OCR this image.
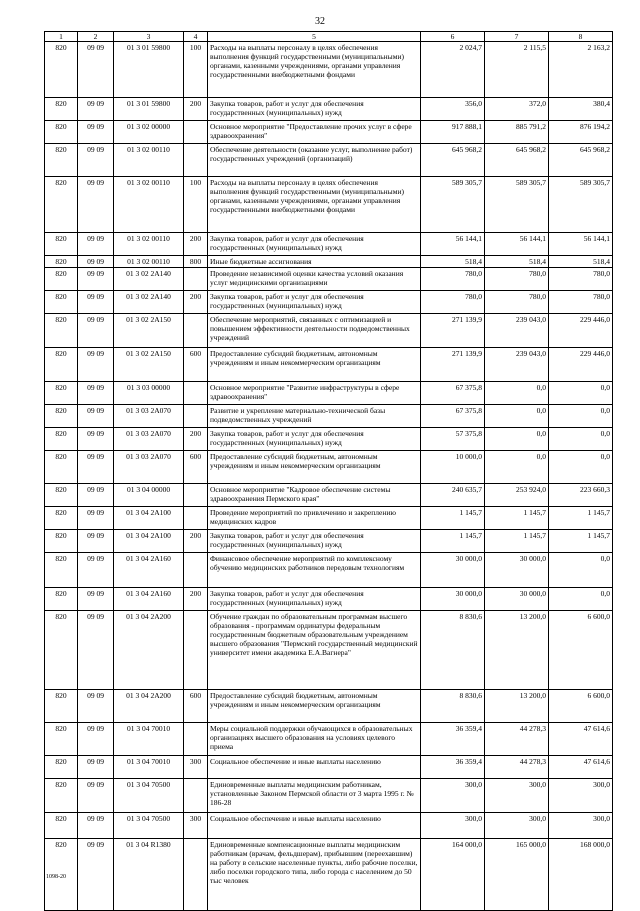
32
1	2	3	4	5	6	7	8
820	09 09	01 3 01 59800	100	Расходы на выплаты персоналу в целях обеспечения выполнения функций государственными (муниципальными) органами, казенными учреждениями, органами управления государственными внебюджетными фондами	2 024,7	2 115,5	2 163,2
820	09 09	01 3 01 59800	200	Закупка товаров, работ и услуг для обеспечения государственных (муниципальных) нужд	356,0	372,0	380,4
820	09 09	01 3 02 00000		Основное мероприятие "Предоставление прочих услуг в сфере здравоохранения"	917 888,1	885 791,2	876 194,2
820	09 09	01 3 02 00110		Обеспечение деятельности (оказание услуг, выполнение работ) государственных учреждений (организаций)	645 968,2	645 968,2	645 968,2
820	09 09	01 3 02 00110	100	Расходы на выплаты персоналу в целях обеспечения выполнения функций государственными (муниципальными) органами, казенными учреждениями, органами управления государственными внебюджетными фондами	589 305,7	589 305,7	589 305,7
820	09 09	01 3 02 00110	200	Закупка товаров, работ и услуг для обеспечения государственных (муниципальных) нужд	56 144,1	56 144,1	56 144,1
820	09 09	01 3 02 00110	800	Иные бюджетные ассигнования	518,4	518,4	518,4
820	09 09	01 3 02 2A140		Проведение независимой оценки качества условий оказания услуг медицинскими организациями	780,0	780,0	780,0
820	09 09	01 3 02 2A140	200	Закупка товаров, работ и услуг для обеспечения государственных (муниципальных) нужд	780,0	780,0	780,0
820	09 09	01 3 02 2A150		Обеспечение мероприятий, связанных с оптимизацией и повышением эффективности деятельности подведомственных учреждений	271 139,9	239 043,0	229 446,0
820	09 09	01 3 02 2A150	600	Предоставление субсидий бюджетным, автономным учреждениям и иным некоммерческим организациям	271 139,9	239 043,0	229 446,0
820	09 09	01 3 03 00000		Основное мероприятие "Развитие инфраструктуры в сфере здравоохранения"	67 375,8	0,0	0,0
820	09 09	01 3 03 2A070		Развитие и укрепление материально-технической базы подведомственных учреждений	67 375,8	0,0	0,0
820	09 09	01 3 03 2A070	200	Закупка товаров, работ и услуг для обеспечения государственных (муниципальных) нужд	57 375,8	0,0	0,0
820	09 09	01 3 03 2A070	600	Предоставление субсидий бюджетным, автономным учреждениям и иным некоммерческим организациям	10 000,0	0,0	0,0
820	09 09	01 3 04 00000		Основное мероприятие "Кадровое обеспечение системы здравоохранения Пермского края"	240 635,7	253 924,0	223 660,3
820	09 09	01 3 04 2A100		Проведение мероприятий по привлечению и закреплению медицинских кадров	1 145,7	1 145,7	1 145,7
820	09 09	01 3 04 2A100	200	Закупка товаров, работ и услуг для обеспечения государственных (муниципальных) нужд	1 145,7	1 145,7	1 145,7
820	09 09	01 3 04 2A160		Финансовое обеспечение мероприятий по комплексному обучению медицинских работников передовым технологиям	30 000,0	30 000,0	0,0
820	09 09	01 3 04 2A160	200	Закупка товаров, работ и услуг для обеспечения государственных (муниципальных) нужд	30 000,0	30 000,0	0,0
820	09 09	01 3 04 2A200		Обучение граждан по образовательным программам высшего образования - программам ординатуры федеральным государственным бюджетным образовательным учреждением высшего образования "Пермский государственный медицинский университет имени академика Е.А.Вагнера"	8 830,6	13 200,0	6 600,0
820	09 09	01 3 04 2A200	600	Предоставление субсидий бюджетным, автономным учреждениям и иным некоммерческим организациям	8 830,6	13 200,0	6 600,0
820	09 09	01 3 04 70010		Меры социальной поддержки обучающихся в образовательных организациях высшего образования на условиях целевого приема	36 359,4	44 278,3	47 614,6
820	09 09	01 3 04 70010	300	Социальное обеспечение и иные выплаты населению	36 359,4	44 278,3	47 614,6
820	09 09	01 3 04 70500		Единовременные выплаты медицинским работникам, установленные Законом Пермской области от 3 марта 1995 г. № 186-28	300,0	300,0	300,0
820	09 09	01 3 04 70500	300	Социальное обеспечение и иные выплаты населению	300,0	300,0	300,0
820	09 09	01 3 04 R1380		Единовременные компенсационные выплаты медицинским работникам (врачам, фельдшерам), прибывшим (переехавшим) на работу в сельские населенные пункты, либо рабочие поселки, либо поселки городского типа, либо города с населением до 50 тыс человек	164 000,0	165 000,0	168 000,0
1098-20
